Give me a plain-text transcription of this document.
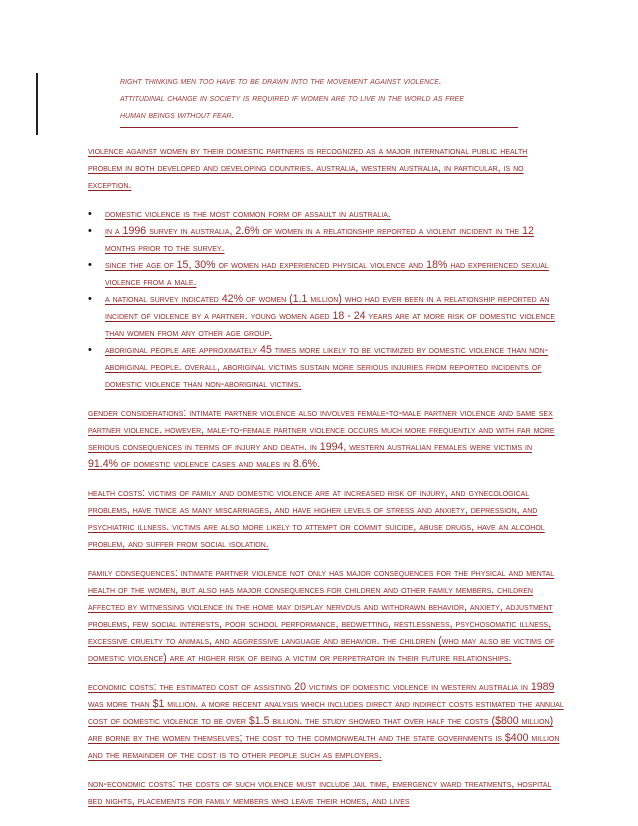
right thinking men too have to be drawn into the movement against violence.
attitudinal change in society is required if women are to live in the world as free
human beings without fear.

violence against women by their domestic partners is recognized as a major international public health problem in both developed and developing countries. australia, western australia, in particular, is no exception.

• domestic violence is the most common form of assault in australia.
• in a 1996 survey in australia, 2.6% of women in a relationship reported a violent incident in the 12 months prior to the survey.
• since the age of 15, 30% of women had experienced physical violence and 18% had experienced sexual violence from a male.
• a national survey indicated 42% of women (1.1 million) who had ever been in a relationship reported an incident of violence by a partner. young women aged 18 - 24 years are at more risk of domestic violence than women from any other age group.
• aboriginal people are approximately 45 times more likely to be victimized by domestic violence than non-aboriginal people. overall, aboriginal victims sustain more serious injuries from reported incidents of domestic violence than non-aboriginal victims.

gender considerations: intimate partner violence also involves female-to-male partner violence and same sex partner violence. however, male-to-female partner violence occurs much more frequently and with far more serious consequences in terms of injury and death. in 1994, western australian females were victims in 91.4% of domestic violence cases and males in 8.6%.

health costs: victims of family and domestic violence are at increased risk of injury, and gynecological problems, have twice as many miscarriages, and have higher levels of stress and anxiety, depression, and psychiatric illness. victims are also more likely to attempt or commit suicide, abuse drugs, have an alcohol problem, and suffer from social isolation.

family consequences: intimate partner violence not only has major consequences for the physical and mental health of the women, but also has major consequences for children and other family members. children affected by witnessing violence in the home may display nervous and withdrawn behavior, anxiety, adjustment problems, few social interests, poor school performance, bedwetting, restlessness, psychosomatic illness, excessive cruelty to animals, and aggressive language and behavior. the children (who may also be victims of domestic violence) are at higher risk of being a victim or perpetrator in their future relationships.

economic costs: the estimated cost of assisting 20 victims of domestic violence in western australia in 1989 was more than $1 million. a more recent analysis which includes direct and indirect costs estimated the annual cost of domestic violence to be over $1.5 billion. the study showed that over half the costs ($800 million) are borne by the women themselves; the cost to the commonwealth and the state governments is $400 million and the remainder of the cost is to other people such as employers.

non-economic costs: the costs of such violence must include jail time, emergency ward treatments, hospital bed nights, placements for family members who leave their homes, and lives
